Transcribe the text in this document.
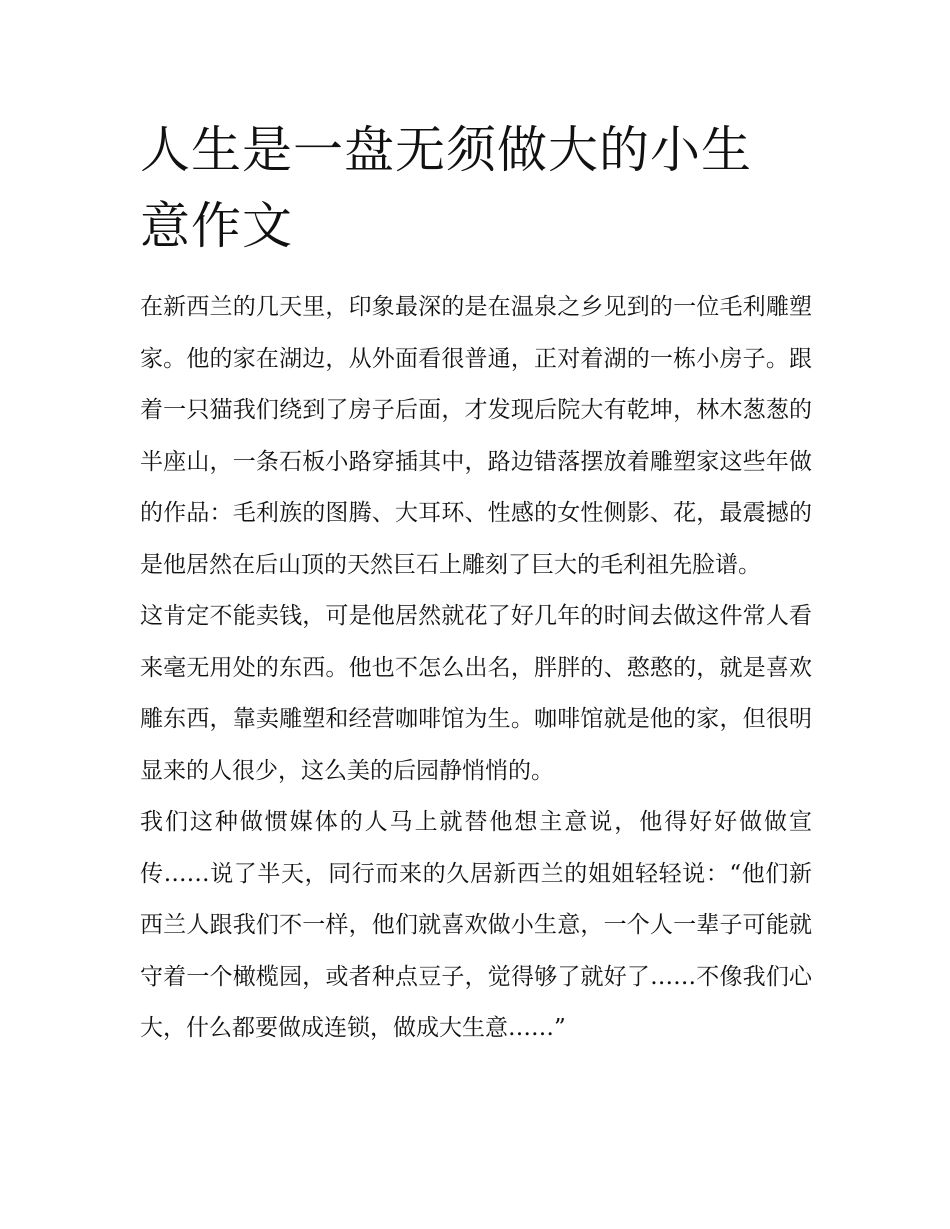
人生是一盘无须做大的小生意作文

在新西兰的几天里，印象最深的是在温泉之乡见到的一位毛利雕塑家。他的家在湖边，从外面看很普通，正对着湖的一栋小房子。跟着一只猫我们绕到了房子后面，才发现后院大有乾坤，林木葱葱的半座山，一条石板小路穿插其中，路边错落摆放着雕塑家这些年做的作品：毛利族的图腾、大耳环、性感的女性侧影、花，最震撼的是他居然在后山顶的天然巨石上雕刻了巨大的毛利祖先脸谱。

这肯定不能卖钱，可是他居然就花了好几年的时间去做这件常人看来毫无用处的东西。他也不怎么出名，胖胖的、憨憨的，就是喜欢雕东西，靠卖雕塑和经营咖啡馆为生。咖啡馆就是他的家，但很明显来的人很少，这么美的后园静悄悄的。

我们这种做惯媒体的人马上就替他想主意说，他得好好做做宣传……说了半天，同行而来的久居新西兰的姐姐轻轻说：“他们新西兰人跟我们不一样，他们就喜欢做小生意，一个人一辈子可能就守着一个橄榄园，或者种点豆子，觉得够了就好了……不像我们心大，什么都要做成连锁，做成大生意……”
